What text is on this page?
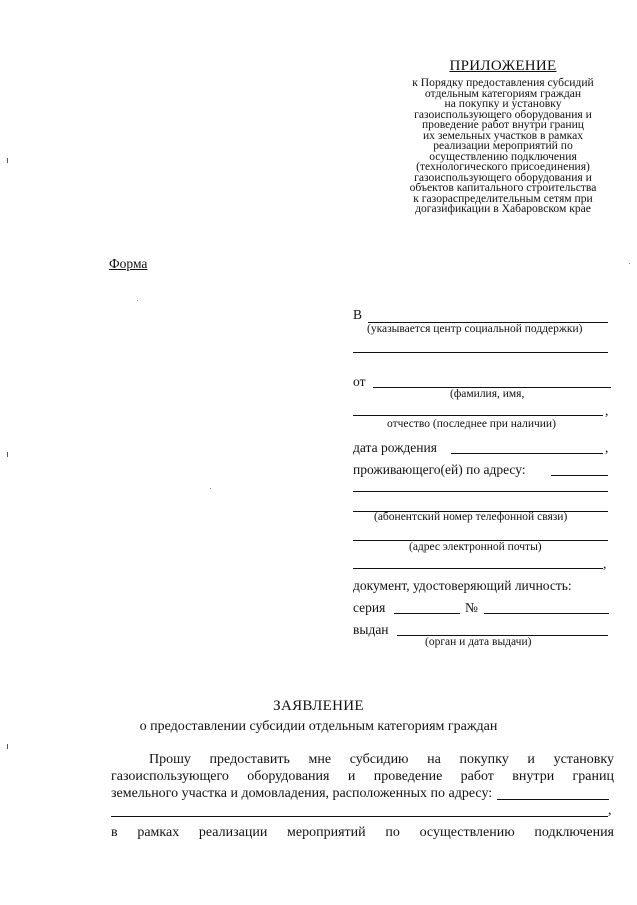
ПРИЛОЖЕНИЕ
к Порядку предоставления субсидий
отдельным категориям граждан
на покупку и установку
газоиспользующего оборудования и
проведение работ внутри границ
их земельных участков в рамках
реализации мероприятий по
осуществлению подключения
(технологического присоединения)
газоиспользующего оборудования и
объектов капитального строительства
к газораспределительным сетям при
догазификации в Хабаровском крае
Форма
В
(указывается центр социальной поддержки)
от
(фамилия, имя,
,
отчество (последнее при наличии)
дата рождения	,
проживающего(ей) по адресу:
(абонентский номер телефонной связи)
(адрес электронной почты)
,
документ, удостоверяющий личность:
серия	№
выдан
(орган и дата выдачи)
ЗАЯВЛЕНИЕ
о предоставлении субсидии отдельным категориям граждан
Прошу предоставить мне субсидию на покупку и установку
газоиспользующего оборудования и проведение работ внутри границ
земельного участка и домовладения, расположенных по адресу:
,
в рамках реализации мероприятий по осуществлению подключения
